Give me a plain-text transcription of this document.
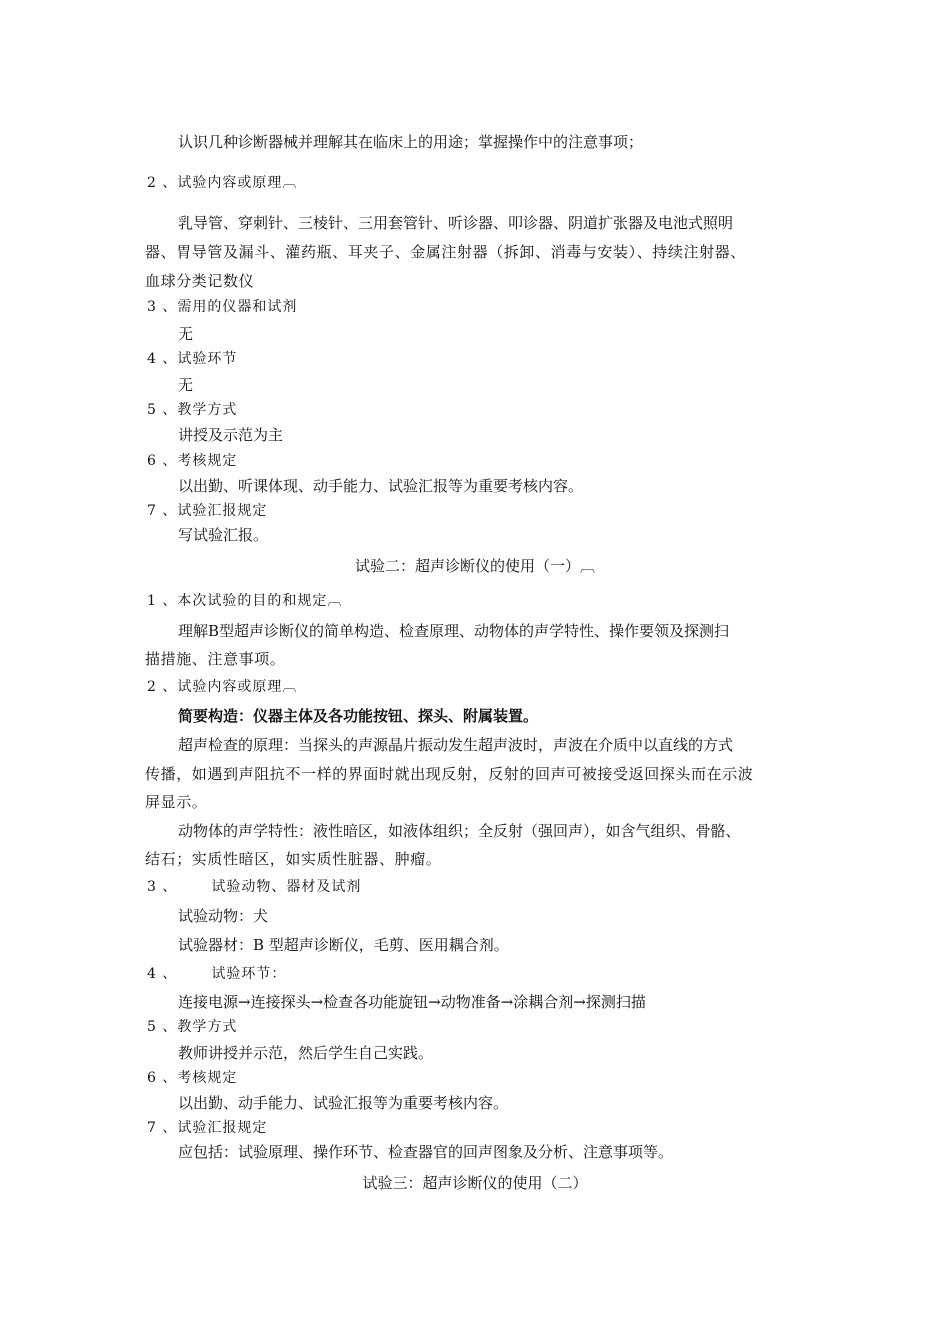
认识几种诊断器械并理解其在临床上的用途；掌握操作中的注意事项；
2 、试验内容或原理︹
乳导管、穿刺针、三棱针、三用套管针、听诊器、叩诊器、阴道扩张器及电池式照明
器、胃导管及漏斗、灌药瓶、耳夹子、金属注射器（拆卸、消毒与安装）、持续注射器、
血球分类记数仪
3 、需用的仪器和试剂
无
4 、试验环节
无
5 、教学方式
讲授及示范为主
6 、考核规定
以出勤、听课体现、动手能力、试验汇报等为重要考核内容。
7 、试验汇报规定
写试验汇报。
试验二：超声诊断仪的使用（一）︹
1 、本次试验的目的和规定︹
理解B型超声诊断仪的简单构造、检查原理、动物体的声学特性、操作要领及探测扫
描措施、注意事项。
2 、试验内容或原理︹
简要构造：仪器主体及各功能按钮、探头、附属装置。
超声检查的原理：当探头的声源晶片振动发生超声波时，声波在介质中以直线的方式
传播，如遇到声阻抗不一样的界面时就出现反射，反射的回声可被接受返回探头而在示波
屏显示。
动物体的声学特性：液性暗区，如液体组织；全反射（强回声），如含气组织、骨骼、
结石；实质性暗区，如实质性脏器、肿瘤。
3 、 试验动物、器材及试剂
试验动物：犬
试验器材：B 型超声诊断仪，毛剪、医用耦合剂。
4 、 试验环节：
连接电源→连接探头→检查各功能旋钮→动物准备→涂耦合剂→探测扫描
5 、教学方式
教师讲授并示范，然后学生自己实践。
6 、考核规定
以出勤、动手能力、试验汇报等为重要考核内容。
7 、试验汇报规定
应包括：试验原理、操作环节、检查器官的回声图象及分析、注意事项等。
试验三：超声诊断仪的使用（二）
